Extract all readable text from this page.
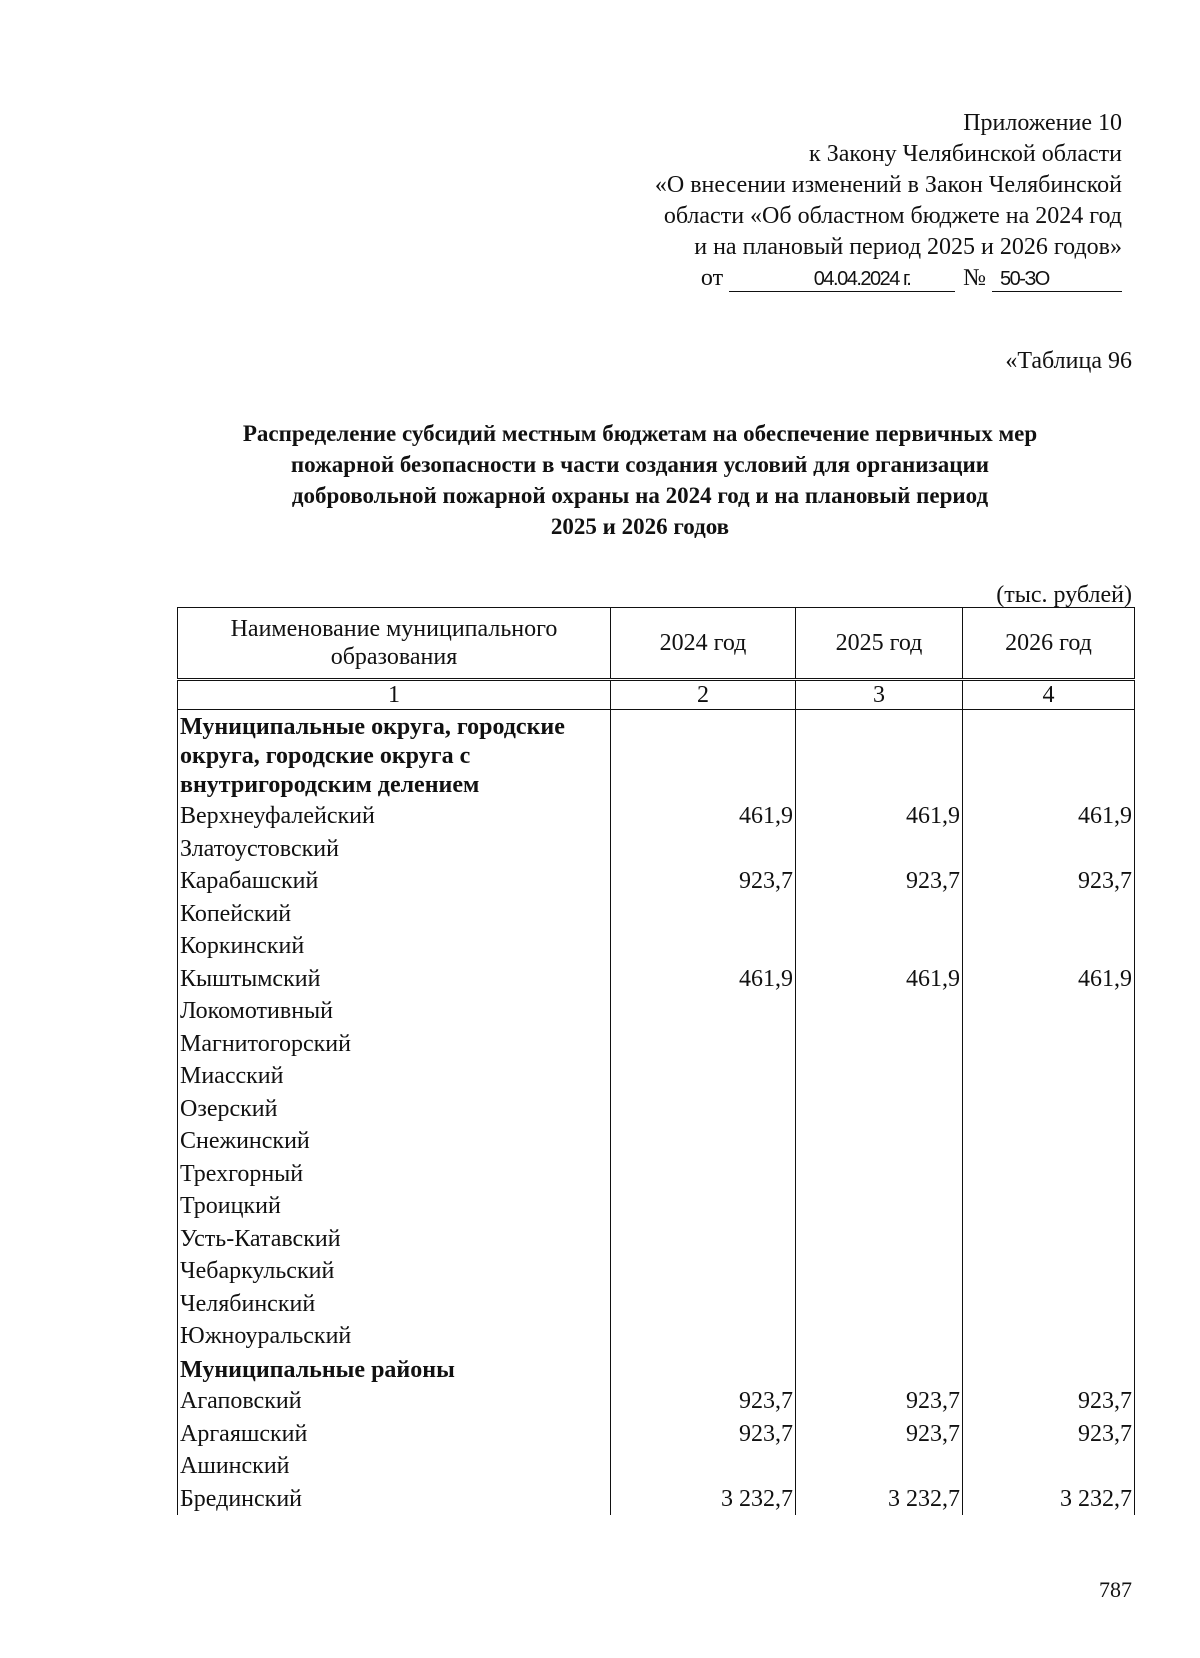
Приложение 10
к Закону Челябинской области
«О внесении изменений в Закон Челябинской
области «Об областном бюджете на 2024 год
и на плановый период 2025 и 2026 годов»
от	04.04.2024 г. № 50-ЗО
«Таблица 96
Распределение субсидий местным бюджетам на обеспечение первичных мер
пожарной безопасности в части создания условий для организации
добровольной пожарной охраны на 2024 год и на плановый период
2025 и 2026 годов
(тыс. рублей)
Наименование муниципального образования	2024 год	2025 год	2026 год
1	2	3	4
Муниципальные округа, городские округа, городские округа с внутригородским делением			
Верхнеуфалейский	461,9	461,9	461,9
Златоустовский			
Карабашский	923,7	923,7	923,7
Копейский			
Коркинский			
Кыштымский	461,9	461,9	461,9
Локомотивный			
Магнитогорский			
Миасский			
Озерский			
Снежинский			
Трехгорный			
Троицкий			
Усть-Катавский			
Чебаркульский			
Челябинский			
Южноуральский			
Муниципальные районы			
Агаповский	923,7	923,7	923,7
Аргаяшский	923,7	923,7	923,7
Ашинский			
Брединский	3 232,7	3 232,7	3 232,7
787
